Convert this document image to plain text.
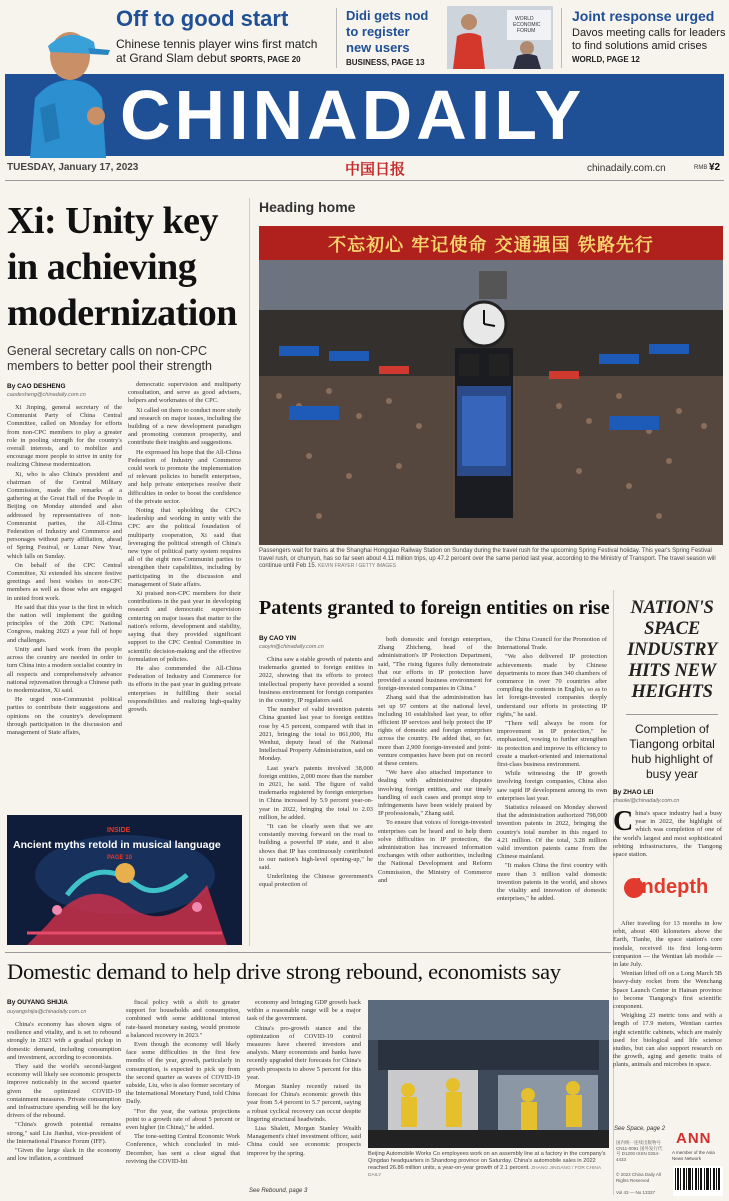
Off to good start
Chinese tennis player wins first match
at Grand Slam debut SPORTS, PAGE 20
Didi gets nod
to register
new users
BUSINESS, PAGE 13
WORLD
ECONOMIC
FORUM
Joint response urged
Davos meeting calls for leaders
to find solutions amid crises
WORLD, PAGE 12
CHINADAILY
TUESDAY, January 17, 2023	中国日报	chinadaily.com.cn	RMB ¥2
Xi: Unity key
in achieving
modernization
General secretary calls on non-CPC members to better pool their strength
By CAO DESHENG
caodesheng@chinadaily.com.cn

Xi Jinping, general secretary of the Communist Party of China Central Committee, called on Monday for efforts from non-CPC members to play a greater role in pooling strength for the country's overall interests, and to mobilize and encourage more people to strive in unity for realizing Chinese modernization.

Xi, who is also China's president and chairman of the Central Military Commission, made the remarks at a gathering at the Great Hall of the People in Beijing on Monday attended and also addressed by representatives of non-Communist parties, the All-China Federation of Industry and Commerce and personages without party affiliation, ahead of Spring Festival, or Lunar New Year, which falls on Sunday.

On behalf of the CPC Central Committee, Xi extended his sincere festive greetings and best wishes to non-CPC members as well as those who are engaged in united front work.

He said that this year is the first in which the nation will implement the guiding principles of the 20th CPC National Congress, making 2023 a year full of hope and challenges.

Unity and hard work from the people across the country are needed in order to turn China into a modern socialist country in all respects and comprehensively advance national rejuvenation through a Chinese path to modernization, Xi said.

He urged non-Communist political parties to contribute their suggestions and opinions on the country's development through participation in the discussion and management of State affairs,

democratic supervision and multiparty consultation, and serve as good advisers, helpers and workmates of the CPC.

Xi called on them to conduct more study and research on major issues, including the building of a new development paradigm and promoting common prosperity, and contribute their insights and suggestions.

He expressed his hope that the All-China Federation of Industry and Commerce could work to promote the implementation of relevant policies to benefit enterprises, and help private enterprises resolve their difficulties in order to boost the confidence of the private sector.

Noting that upholding the CPC's leadership and working in unity with the CPC are the political foundation of multiparty cooperation, Xi said that leveraging the political strength of China's new type of political party system requires all of the eight non-Communist parties to strengthen their capabilities, including by participating in the discussion and management of State affairs.

Xi praised non-CPC members for their contributions in the past year in developing research and democratic supervision centering on major issues that matter to the nation's reform, development and stability, saying that they provided significant support to the CPC Central Committee in scientific decision-making and the effective formulation of policies.

He also commended the All-China Federation of Industry and Commerce for its efforts in the past year in guiding private enterprises in fulfilling their social responsibilities and realizing high-quality growth.

INSIDE
Ancient myths retold in musical language
PAGE 10
Heading home
不忘初心 牢记使命 交通强国 铁路先行
Passengers wait for trains at the Shanghai Hongqiao Railway Station on Sunday during the travel rush for the upcoming Spring Festival holiday. This year's Spring Festival travel rush, or chunyun, has so far seen about 4.11 million trips, up 47.2 percent over the same period last year, according to the Ministry of Transport. The travel season will continue until Feb 15. KEVIN FRAYER / GETTY IMAGES
Patents granted to foreign entities on rise
By CAO YIN
caoyin@chinadaily.com.cn

China saw a stable growth of patents and trademarks granted to foreign entities in 2022, showing that its efforts to protect intellectual property have provided a sound business environment for foreign companies in the country, IP regulators said.

The number of valid invention patents China granted last year to foreign entities rose by 4.5 percent, compared with that in 2021, bringing the total to 861,000, Hu Wenhui, deputy head of the National Intellectual Property Administration, said on Monday.

Last year's patents involved 38,000 foreign entities, 2,000 more than the number in 2021, he said. The figure of valid trademarks registered by foreign enterprises in China increased by 5.9 percent year-on-year in 2022, bringing the total to 2.03 million, he added.

"It can be clearly seen that we are constantly moving forward on the road to building a powerful IP state, and it also shows that IP has continuously contributed to our nation's high-level opening-up," he said.

Underlining the Chinese government's equal protection of

both domestic and foreign enterprises, Zhang Zhicheng, head of the administration's IP Protection Department, said, "The rising figures fully demonstrate that our efforts in IP protection have provided a sound business environment for foreign-invested companies in China."

Zhang said that the administration has set up 97 centers at the national level, including 10 established last year, to offer efficient IP services and help protect the IP rights of domestic and foreign enterprises across the country. He added that, so far, more than 2,900 foreign-invested and joint-venture companies have been put on record at these centers.

"We have also attached importance to dealing with administrative disputes involving foreign entities, and our timely handling of such cases and prompt stop to infringements have been widely praised by IP professionals," Zhang said.

To ensure that voices of foreign-invested enterprises can be heard and to help them solve difficulties in IP protection, the administration has increased information exchanges with other authorities, including the National Development and Reform Commission, the Ministry of Commerce and

the China Council for the Promotion of International Trade.

"We also delivered IP protection achievements made by Chinese departments to more than 340 chambers of commerce in over 70 countries after compiling the contents in English, so as to let foreign-invested companies deeply understand our efforts in protecting IP rights," he said.

"There will always be room for improvement in IP protection," he emphasized, vowing to further strengthen its protection and improve its efficiency to create a market-oriented and international first-class business environment.

While witnessing the IP growth involving foreign companies, China also saw rapid IP development among its own enterprises last year.

Statistics released on Monday showed that the administration authorized 798,000 invention patents in 2022, bringing the country's total number in this regard to 4.21 million. Of the total, 3.28 million valid invention patents came from the Chinese mainland.

"It makes China the first country with more than 3 million valid domestic invention patents in the world, and shows the vitality and innovation of domestic enterprises," he added.

NATION'S
SPACE
INDUSTRY
HITS NEW
HEIGHTS
Completion of Tiangong orbital hub highlight of busy year
By ZHAO LEI
zhaolei@chinadaily.com.cn
C hina's space industry had a busy year in 2022, the highlight of which was completion of one of the world's largest and most sophisticated orbiting infrastructures, the Tiangong space station.
indepth

After traveling for 13 months in low orbit, about 400 kilometers above the Earth, Tianhe, the space station's core module, received its first long-term companion — the Wentian lab module — in late July.

Wentian lifted off on a Long March 5B heavy-duty rocket from the Wenchang Space Launch Center in Hainan province to become Tiangong's first scientific component.

Weighing 23 metric tons and with a length of 17.9 meters, Wentian carries eight scientific cabinets, which are mainly used for biological and life science studies, but can also support research on the growth, aging and genetic traits of plants, animals and microbes in space.

See Space, page 2
Domestic demand to help drive strong rebound, economists say
By OUYANG SHIJIA
ouyangshijia@chinadaily.com.cn

China's economy has shown signs of resilience and vitality, and is set to rebound strongly in 2023 with a gradual pickup in domestic demand, including consumption and investment, according to economists.

They said the world's second-largest economy will likely see economic prospects improve noticeably in the second quarter given the optimized COVID-19 containment measures. Private consumption and infrastructure spending will be the key drivers of the rebound.

"China's growth potential remains strong," said Liu Jianhui, vice-president of the International Finance Forum (IFF).

"Given the large slack in the economy and low inflation, a continued

fiscal policy with a shift to greater support for households and consumption, combined with some additional interest rate-based monetary easing, would promote a balanced recovery in 2023."

Even though the economy will likely face some difficulties in the first few months of the year, growth, particularly in consumption, is expected to pick up from the second quarter as waves of COVID-19 subside, Liu, who is also former secretary of the International Monetary Fund, told China Daily.

"For the year, the various projections point to a growth rate of about 5 percent or even higher (in China)," he added.

The tone-setting Central Economic Work Conference, which concluded in mid-December, has sent a clear signal that reviving the COVID-hit

See Rebound, page 3

economy and bringing GDP growth back within a reasonable range will be a major task of the government.

China's pro-growth stance and the optimization of COVID-19 control measures have cheered investors and analysts. Many economists and banks have recently upgraded their forecasts for China's growth prospects to above 5 percent for this year.

Morgan Stanley recently raised its forecast for China's economic growth this year from 5.4 percent to 5.7 percent, saying a robust cyclical recovery can occur despite lingering structural headwinds.

Lisa Shalett, Morgan Stanley Wealth Management's chief investment officer, said China could see economic prospects improve by the spring.	Beijing Automobile Works Co employees work on an assembly line at a factory in the company's Qingdao headquarters in Shandong province on Saturday. China's automobile sales in 2022 reached 26.86 million units, a year-on-year growth of 2.1 percent. ZHANG JINGANG / FOR CHINA DAILY
国内统一连续出版物号 CN11-0091 国外发行代号 D1200 ISSN 0254-4433
© 2023 China Daily All Rights Reserved
ANN
A member of the Asia News Network
Vol 43 — No 13337
